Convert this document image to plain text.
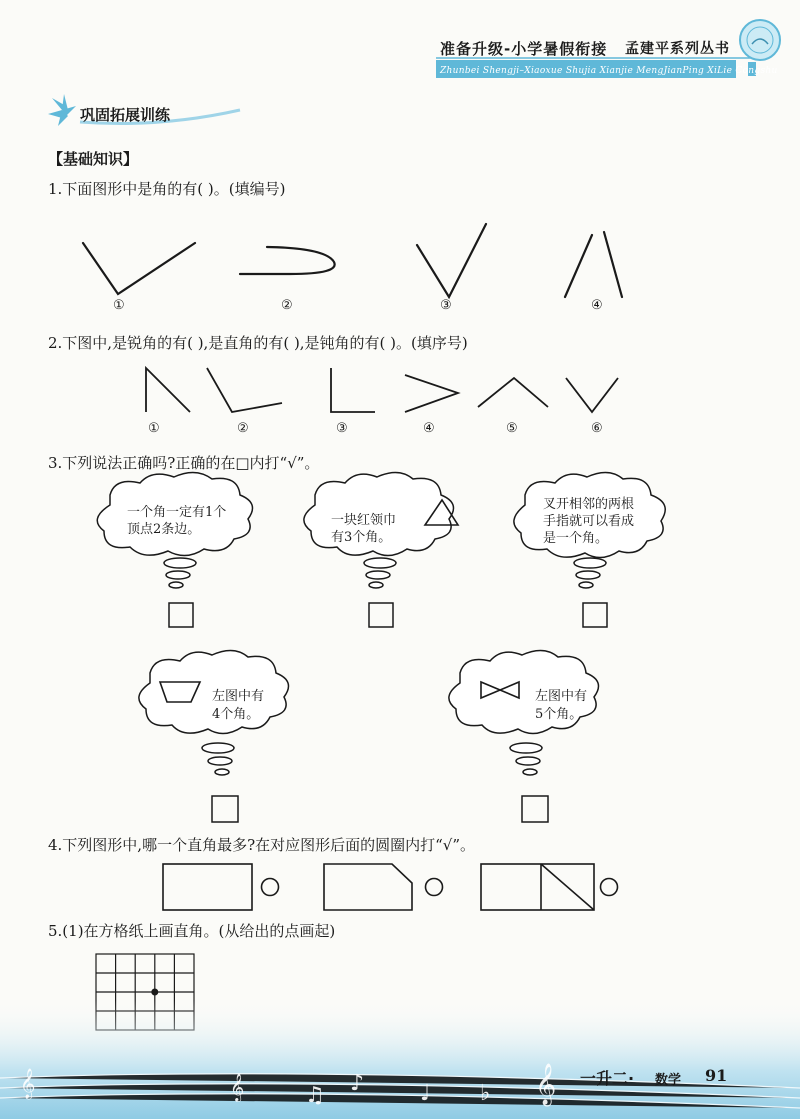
准备升级-小学暑假衔接 孟建平系列丛书
Zhunbei Shengji–Xiaoxue Shujia Xianjie MengJianPing XiLie Congshu
巩固拓展训练
【基础知识】
1.下面图形中是角的有( )。(填编号)
①	②	③	④
2.下图中,是锐角的有( ),是直角的有( ),是钝角的有( )。(填序号)
①	②	③	④	⑤	⑥
3.下列说法正确吗?正确的在□内打“√”。
一个角一定有1个
顶点2条边。
一块红领巾
有3个角。
叉开相邻的两根
手指就可以看成
是一个角。
左图中有
4个角。
左图中有
5个角。
4.下列图形中,哪一个直角最多?在对应图形后面的圆圈内打“√”。
5.(1)在方格纸上画直角。(从给出的点画起)
𝄞	𝄞	♫ ♪	♩ ♭ 𝄞 一升二· 数学 91
